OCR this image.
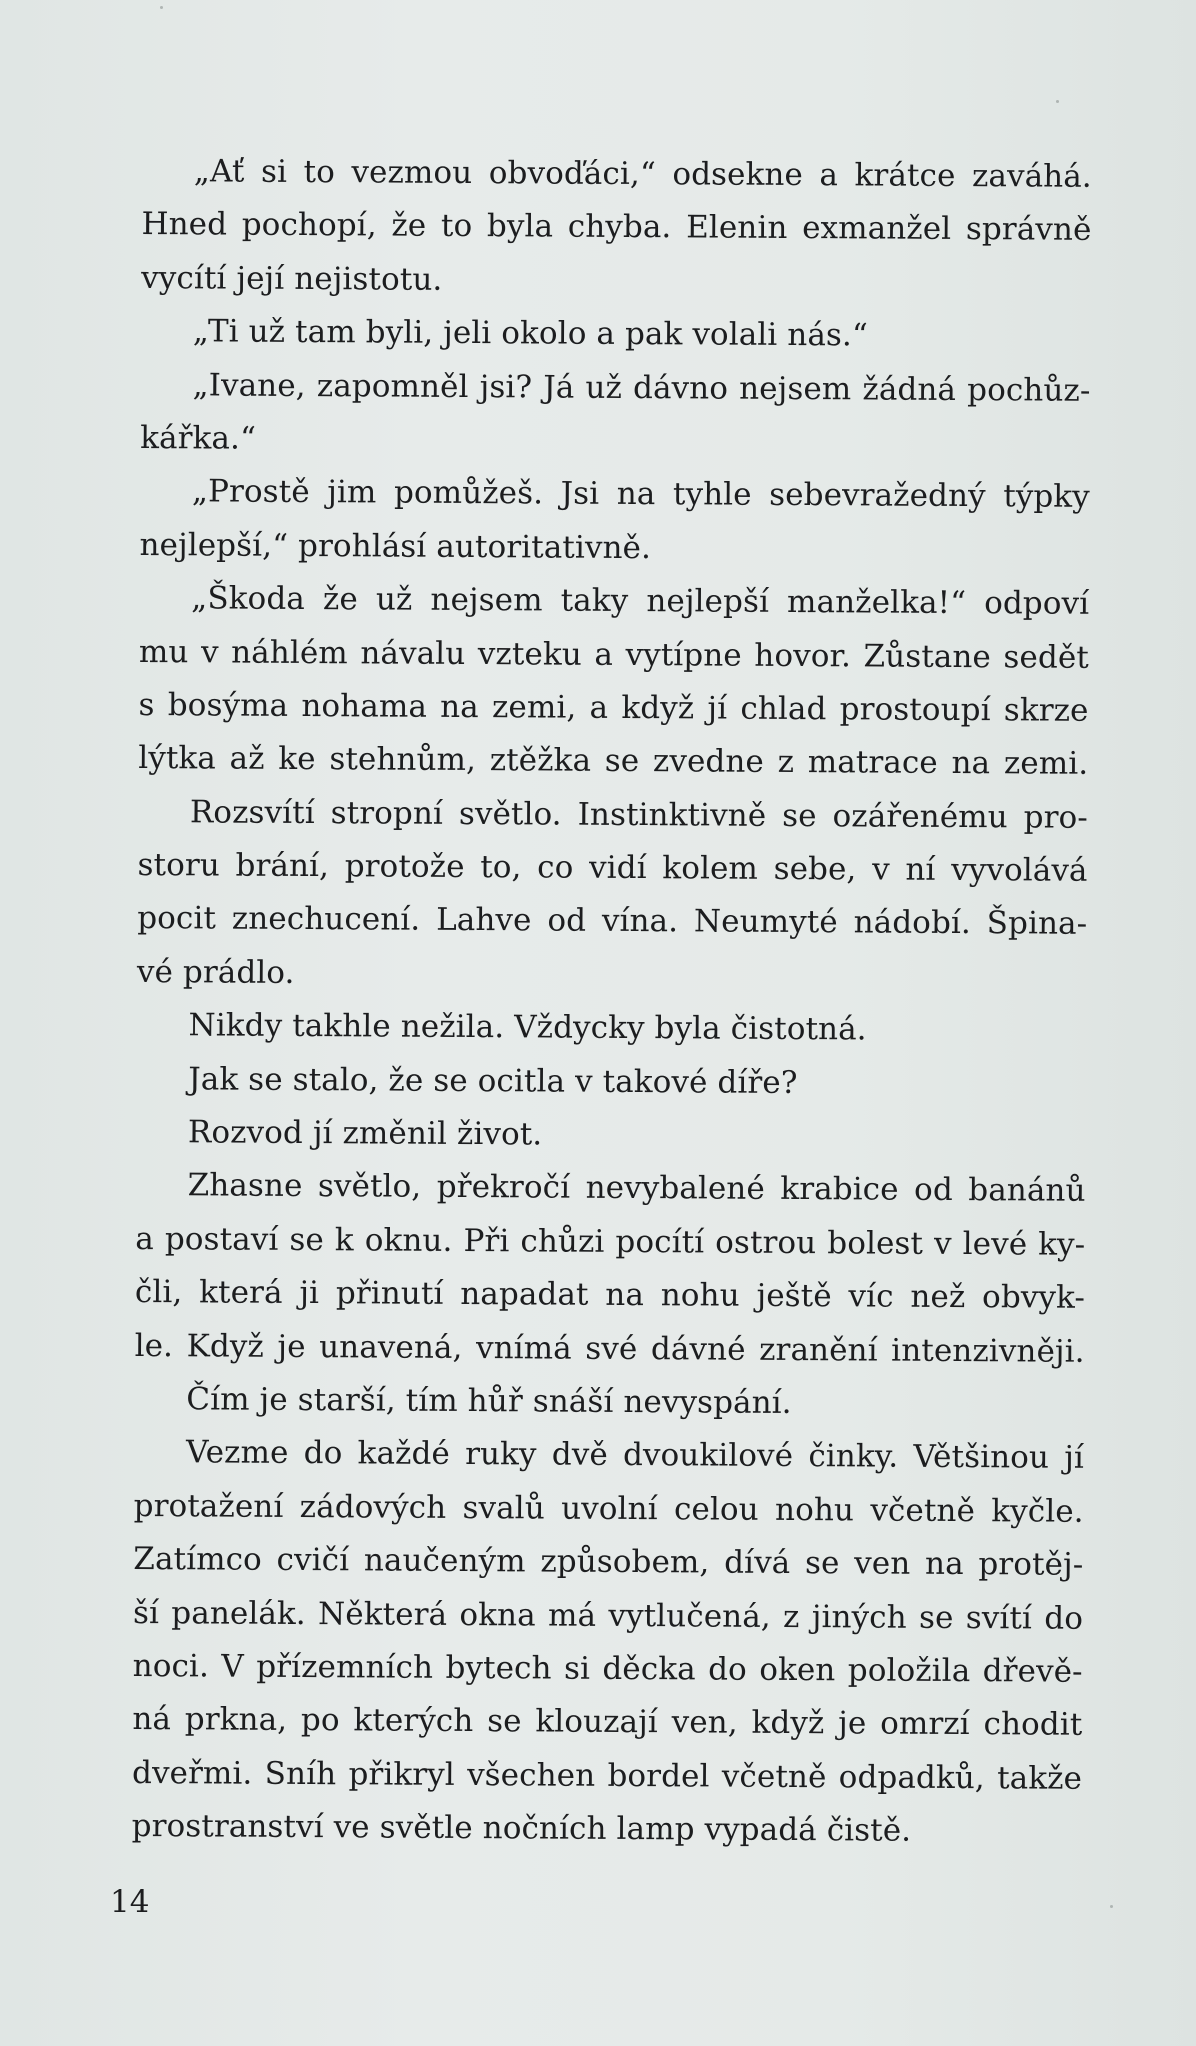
„Ať si to vezmou obvoďáci,“ odsekne a krátce zaváhá.
Hned pochopí, že to byla chyba. Elenin exmanžel správně
vycítí její nejistotu.
„Ti už tam byli, jeli okolo a pak volali nás.“
„Ivane, zapomněl jsi? Já už dávno nejsem žádná pochůz-
kářka.“
„Prostě jim pomůžeš. Jsi na tyhle sebevražedný týpky
nejlepší,“ prohlásí autoritativně.
„Škoda že už nejsem taky nejlepší manželka!“ odpoví
mu v náhlém návalu vzteku a vytípne hovor. Zůstane sedět
s bosýma nohama na zemi, a když jí chlad prostoupí skrze
lýtka až ke stehnům, ztěžka se zvedne z matrace na zemi.
Rozsvítí stropní světlo. Instinktivně se ozářenému pro-
storu brání, protože to, co vidí kolem sebe, v ní vyvolává
pocit znechucení. Lahve od vína. Neumyté nádobí. Špina-
vé prádlo.
Nikdy takhle nežila. Vždycky byla čistotná.
Jak se stalo, že se ocitla v takové díře?
Rozvod jí změnil život.
Zhasne světlo, překročí nevybalené krabice od banánů
a postaví se k oknu. Při chůzi pocítí ostrou bolest v levé ky-
čli, která ji přinutí napadat na nohu ještě víc než obvyk-
le. Když je unavená, vnímá své dávné zranění intenzivněji.
Čím je starší, tím hůř snáší nevyspání.
Vezme do každé ruky dvě dvoukilové činky. Většinou jí
protažení zádových svalů uvolní celou nohu včetně kyčle.
Zatímco cvičí naučeným způsobem, dívá se ven na protěj-
ší panelák. Některá okna má vytlučená, z jiných se svítí do
noci. V přízemních bytech si děcka do oken položila dřevě-
ná prkna, po kterých se klouzají ven, když je omrzí chodit
dveřmi. Sníh přikryl všechen bordel včetně odpadků, takže
prostranství ve světle nočních lamp vypadá čistě.
14
